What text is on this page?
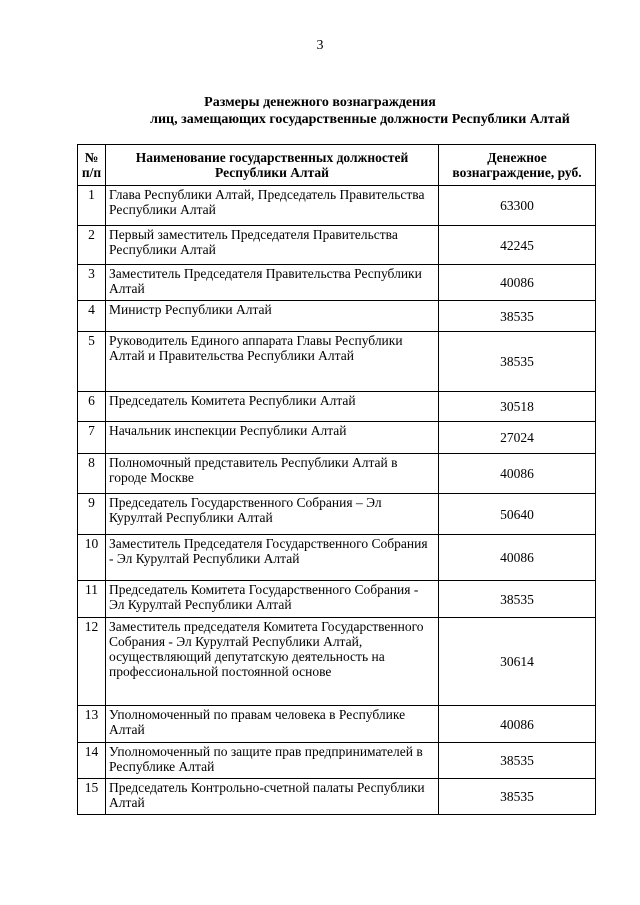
3
Размеры денежного вознаграждения
лиц, замещающих государственные должности Республики Алтай
№ п/п	Наименование государственных должностей Республики Алтай	Денежное вознаграждение, руб.
1	Глава Республики Алтай, Председатель Правительства Республики Алтай	63300
2	Первый заместитель Председателя Правительства Республики Алтай	42245
3	Заместитель Председателя Правительства Республики Алтай	40086
4	Министр Республики Алтай	38535
5	Руководитель Единого аппарата Главы Республики Алтай и Правительства Республики Алтай	38535
6	Председатель Комитета Республики Алтай	30518
7	Начальник инспекции Республики Алтай	27024
8	Полномочный представитель Республики Алтай в городе Москве	40086
9	Председатель Государственного Собрания – Эл Курултай Республики Алтай	50640
10	Заместитель Председателя Государственного Собрания - Эл Курултай Республики Алтай	40086
11	Председатель Комитета Государственного Собрания - Эл Курултай Республики Алтай	38535
12	Заместитель председателя Комитета Государственного Собрания - Эл Курултай Республики Алтай, осуществляющий депутатскую деятельность на профессиональной постоянной основе	30614
13	Уполномоченный по правам человека в Республике Алтай	40086
14	Уполномоченный по защите прав предпринимателей в Республике Алтай	38535
15	Председатель Контрольно-счетной палаты Республики Алтай	38535
